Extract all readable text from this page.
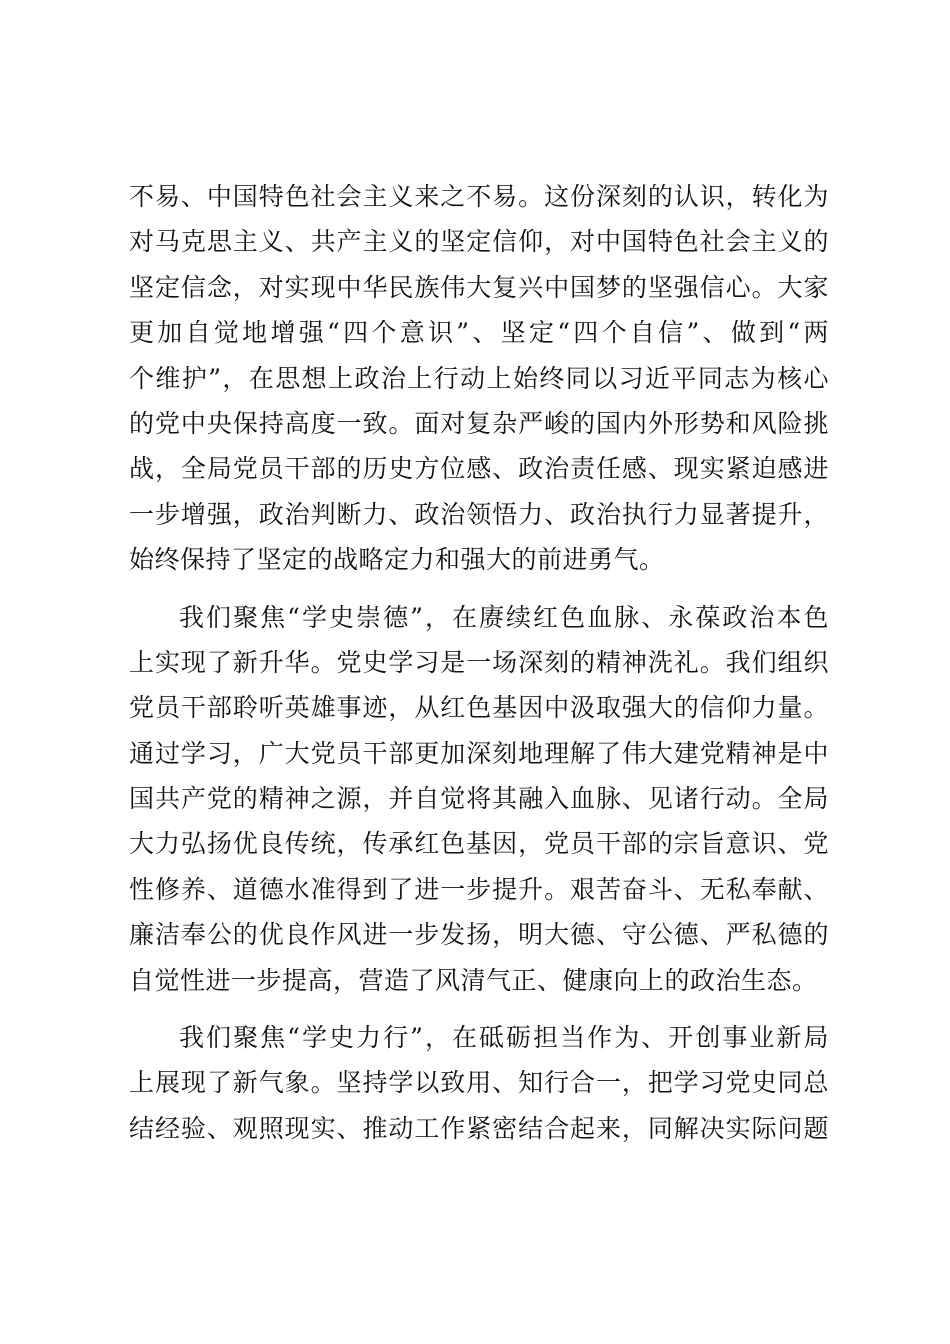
不易、中国特色社会主义来之不易。这份深刻的认识，转化为
对马克思主义、共产主义的坚定信仰，对中国特色社会主义的
坚定信念，对实现中华民族伟大复兴中国梦的坚强信心。大家
更加自觉地增强“四个意识”、坚定“四个自信”、做到“两
个维护”，在思想上政治上行动上始终同以习近平同志为核心
的党中央保持高度一致。面对复杂严峻的国内外形势和风险挑
战，全局党员干部的历史方位感、政治责任感、现实紧迫感进
一步增强，政治判断力、政治领悟力、政治执行力显著提升，
始终保持了坚定的战略定力和强大的前进勇气。
我们聚焦“学史崇德”，在赓续红色血脉、永葆政治本色
上实现了新升华。党史学习是一场深刻的精神洗礼。我们组织
党员干部聆听英雄事迹，从红色基因中汲取强大的信仰力量。
通过学习，广大党员干部更加深刻地理解了伟大建党精神是中
国共产党的精神之源，并自觉将其融入血脉、见诸行动。全局
大力弘扬优良传统，传承红色基因，党员干部的宗旨意识、党
性修养、道德水准得到了进一步提升。艰苦奋斗、无私奉献、
廉洁奉公的优良作风进一步发扬，明大德、守公德、严私德的
自觉性进一步提高，营造了风清气正、健康向上的政治生态。
我们聚焦“学史力行”，在砥砺担当作为、开创事业新局
上展现了新气象。坚持学以致用、知行合一，把学习党史同总
结经验、观照现实、推动工作紧密结合起来，同解决实际问题
